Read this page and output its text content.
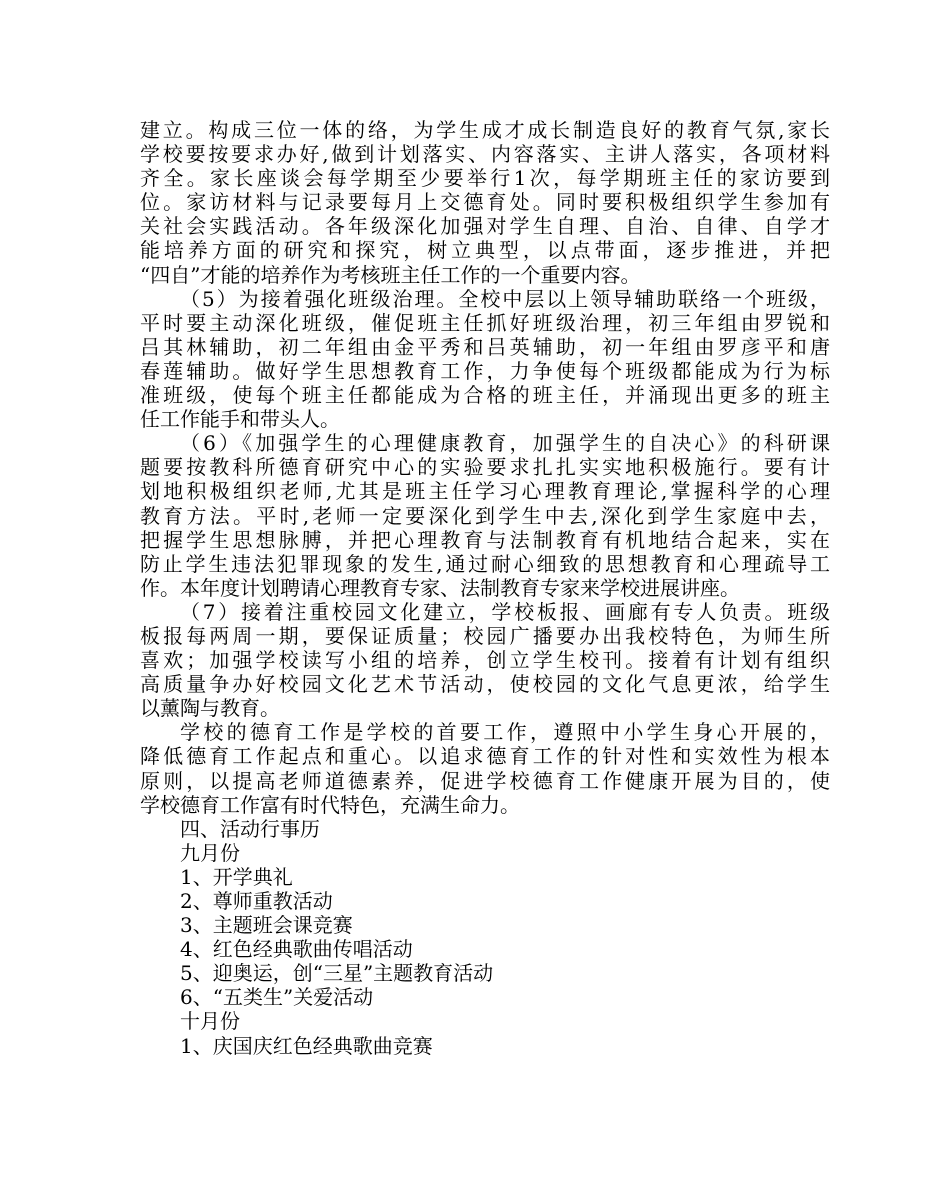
建立。构成三位一体的络，为学生成才成长制造良好的教育气氛,家长
学校要按要求办好,做到计划落实、内容落实、主讲人落实，各项材料
齐全。家长座谈会每学期至少要举行1次，每学期班主任的家访要到
位。家访材料与记录要每月上交德育处。同时要积极组织学生参加有
关社会实践活动。各年级深化加强对学生自理、自治、自律、自学才
能培养方面的研究和探究，树立典型，以点带面，逐步推进，并把
“四自”才能的培养作为考核班主任工作的一个重要内容。
（5）为接着强化班级治理。全校中层以上领导辅助联络一个班级，
平时要主动深化班级，催促班主任抓好班级治理，初三年组由罗锐和
吕其林辅助，初二年组由金平秀和吕英辅助，初一年组由罗彦平和唐
春莲辅助。做好学生思想教育工作，力争使每个班级都能成为行为标
准班级，使每个班主任都能成为合格的班主任，并涌现出更多的班主
任工作能手和带头人。
（6）《加强学生的心理健康教育，加强学生的自决心》的科研课
题要按教科所德育研究中心的实验要求扎扎实实地积极施行。要有计
划地积极组织老师,尤其是班主任学习心理教育理论,掌握科学的心理
教育方法。平时,老师一定要深化到学生中去,深化到学生家庭中去，
把握学生思想脉膊，并把心理教育与法制教育有机地结合起来，实在
防止学生违法犯罪现象的发生,通过耐心细致的思想教育和心理疏导工
作。本年度计划聘请心理教育专家、法制教育专家来学校进展讲座。
（7）接着注重校园文化建立，学校板报、画廊有专人负责。班级
板报每两周一期，要保证质量；校园广播要办出我校特色，为师生所
喜欢；加强学校读写小组的培养，创立学生校刊。接着有计划有组织
高质量争办好校园文化艺术节活动，使校园的文化气息更浓，给学生
以薰陶与教育。
学校的德育工作是学校的首要工作，遵照中小学生身心开展的，
降低德育工作起点和重心。以追求德育工作的针对性和实效性为根本
原则，以提高老师道德素养，促进学校德育工作健康开展为目的，使
学校德育工作富有时代特色，充满生命力。
四、活动行事历
九月份
1、开学典礼
2、尊师重教活动
3、主题班会课竞赛
4、红色经典歌曲传唱活动
5、迎奥运，创“三星”主题教育活动
6、“五类生”关爱活动
十月份
1、庆国庆红色经典歌曲竞赛
